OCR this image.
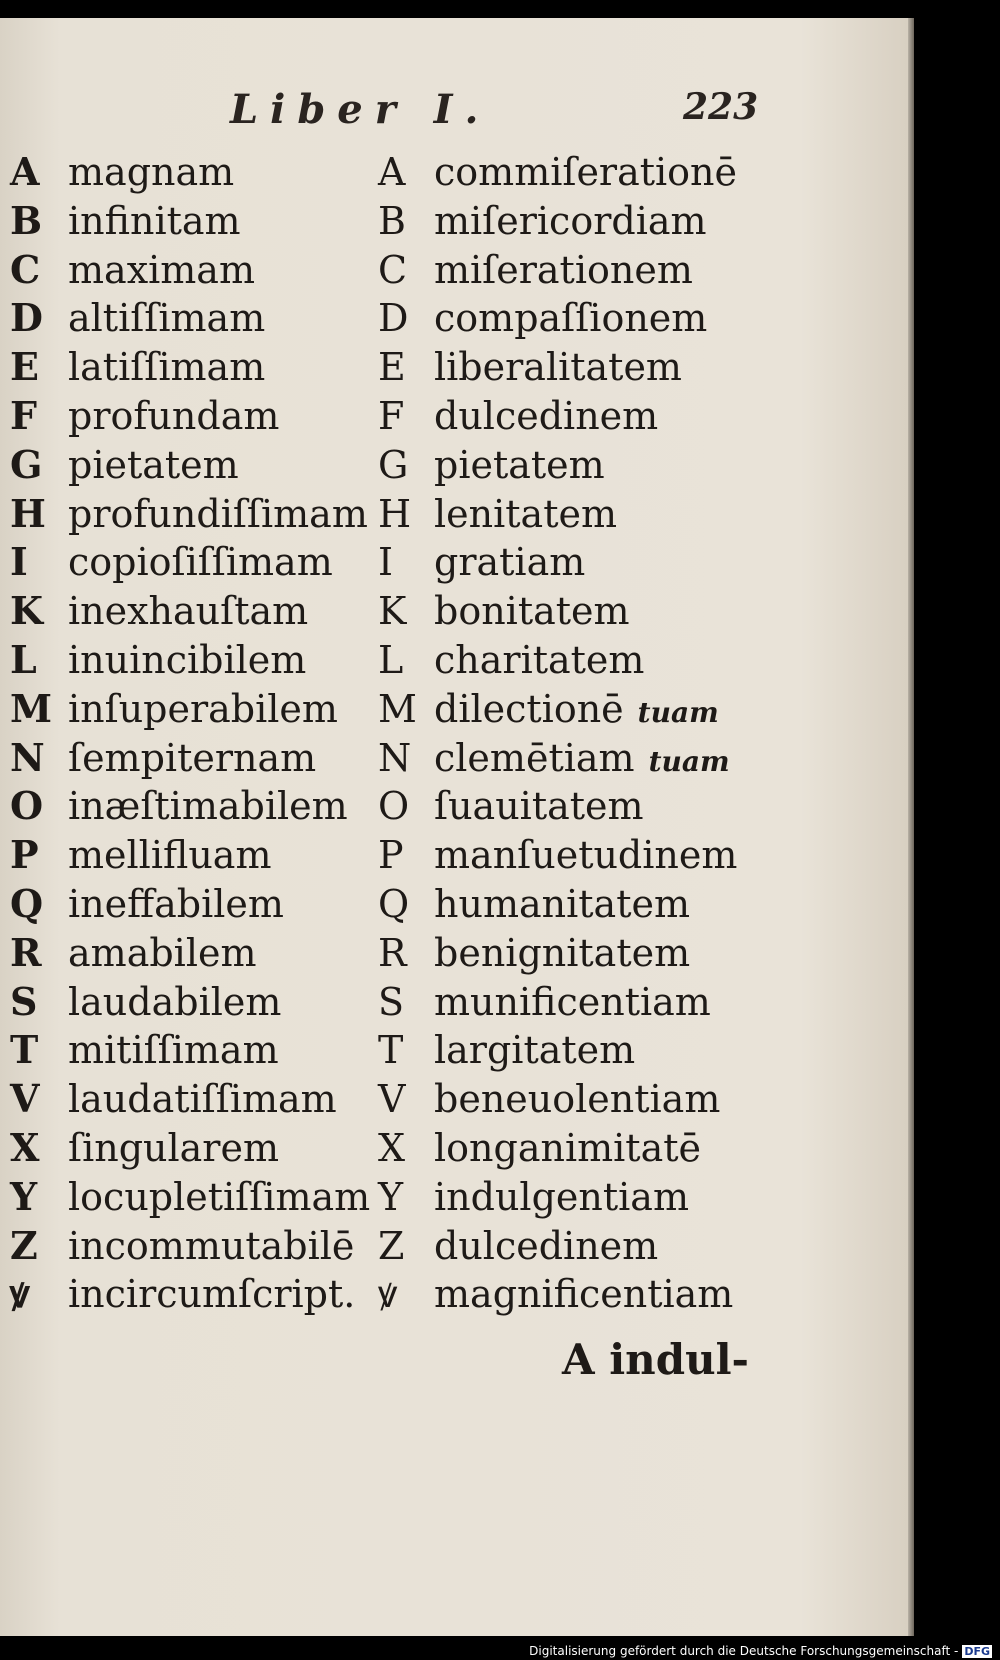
Liber I.	223
A magnam	A commiſerationē
B infinitam	B miſericordiam
C maximam	C miſerationem
D altiſſimam	D compaſſionem
E latiſſimam	E liberalitatem
F profundam	F dulcedinem
G pietatem	G pietatem
H profundiſſimam H lenitatem
I copioſiſſimam I gratiam
K inexhauſtam K bonitatem
L inuincibilem L charitatem
M inſuperabilem M dilectionē tuam
N ſempiternam N clemētiam tuam
O inæſtimabilem O ſuauitatem
P mellifluam	P manſuetudinem
Q ineffabilem Q humanitatem
R amabilem	R benignitatem
S laudabilem	S munificentiam
T mitiſſimam	T largitatem
V laudatiſſimam V beneuolentiam
X ſingularem	X longanimitatē
Y locupletiſſimam Y indulgentiam
Z incommutabilē Z dulcedinem
ꝟ incircumſcript. ꝟ magnificentiam
A indul-
Digitalisierung gefördert durch die Deutsche Forschungsgemeinschaft - DFG
